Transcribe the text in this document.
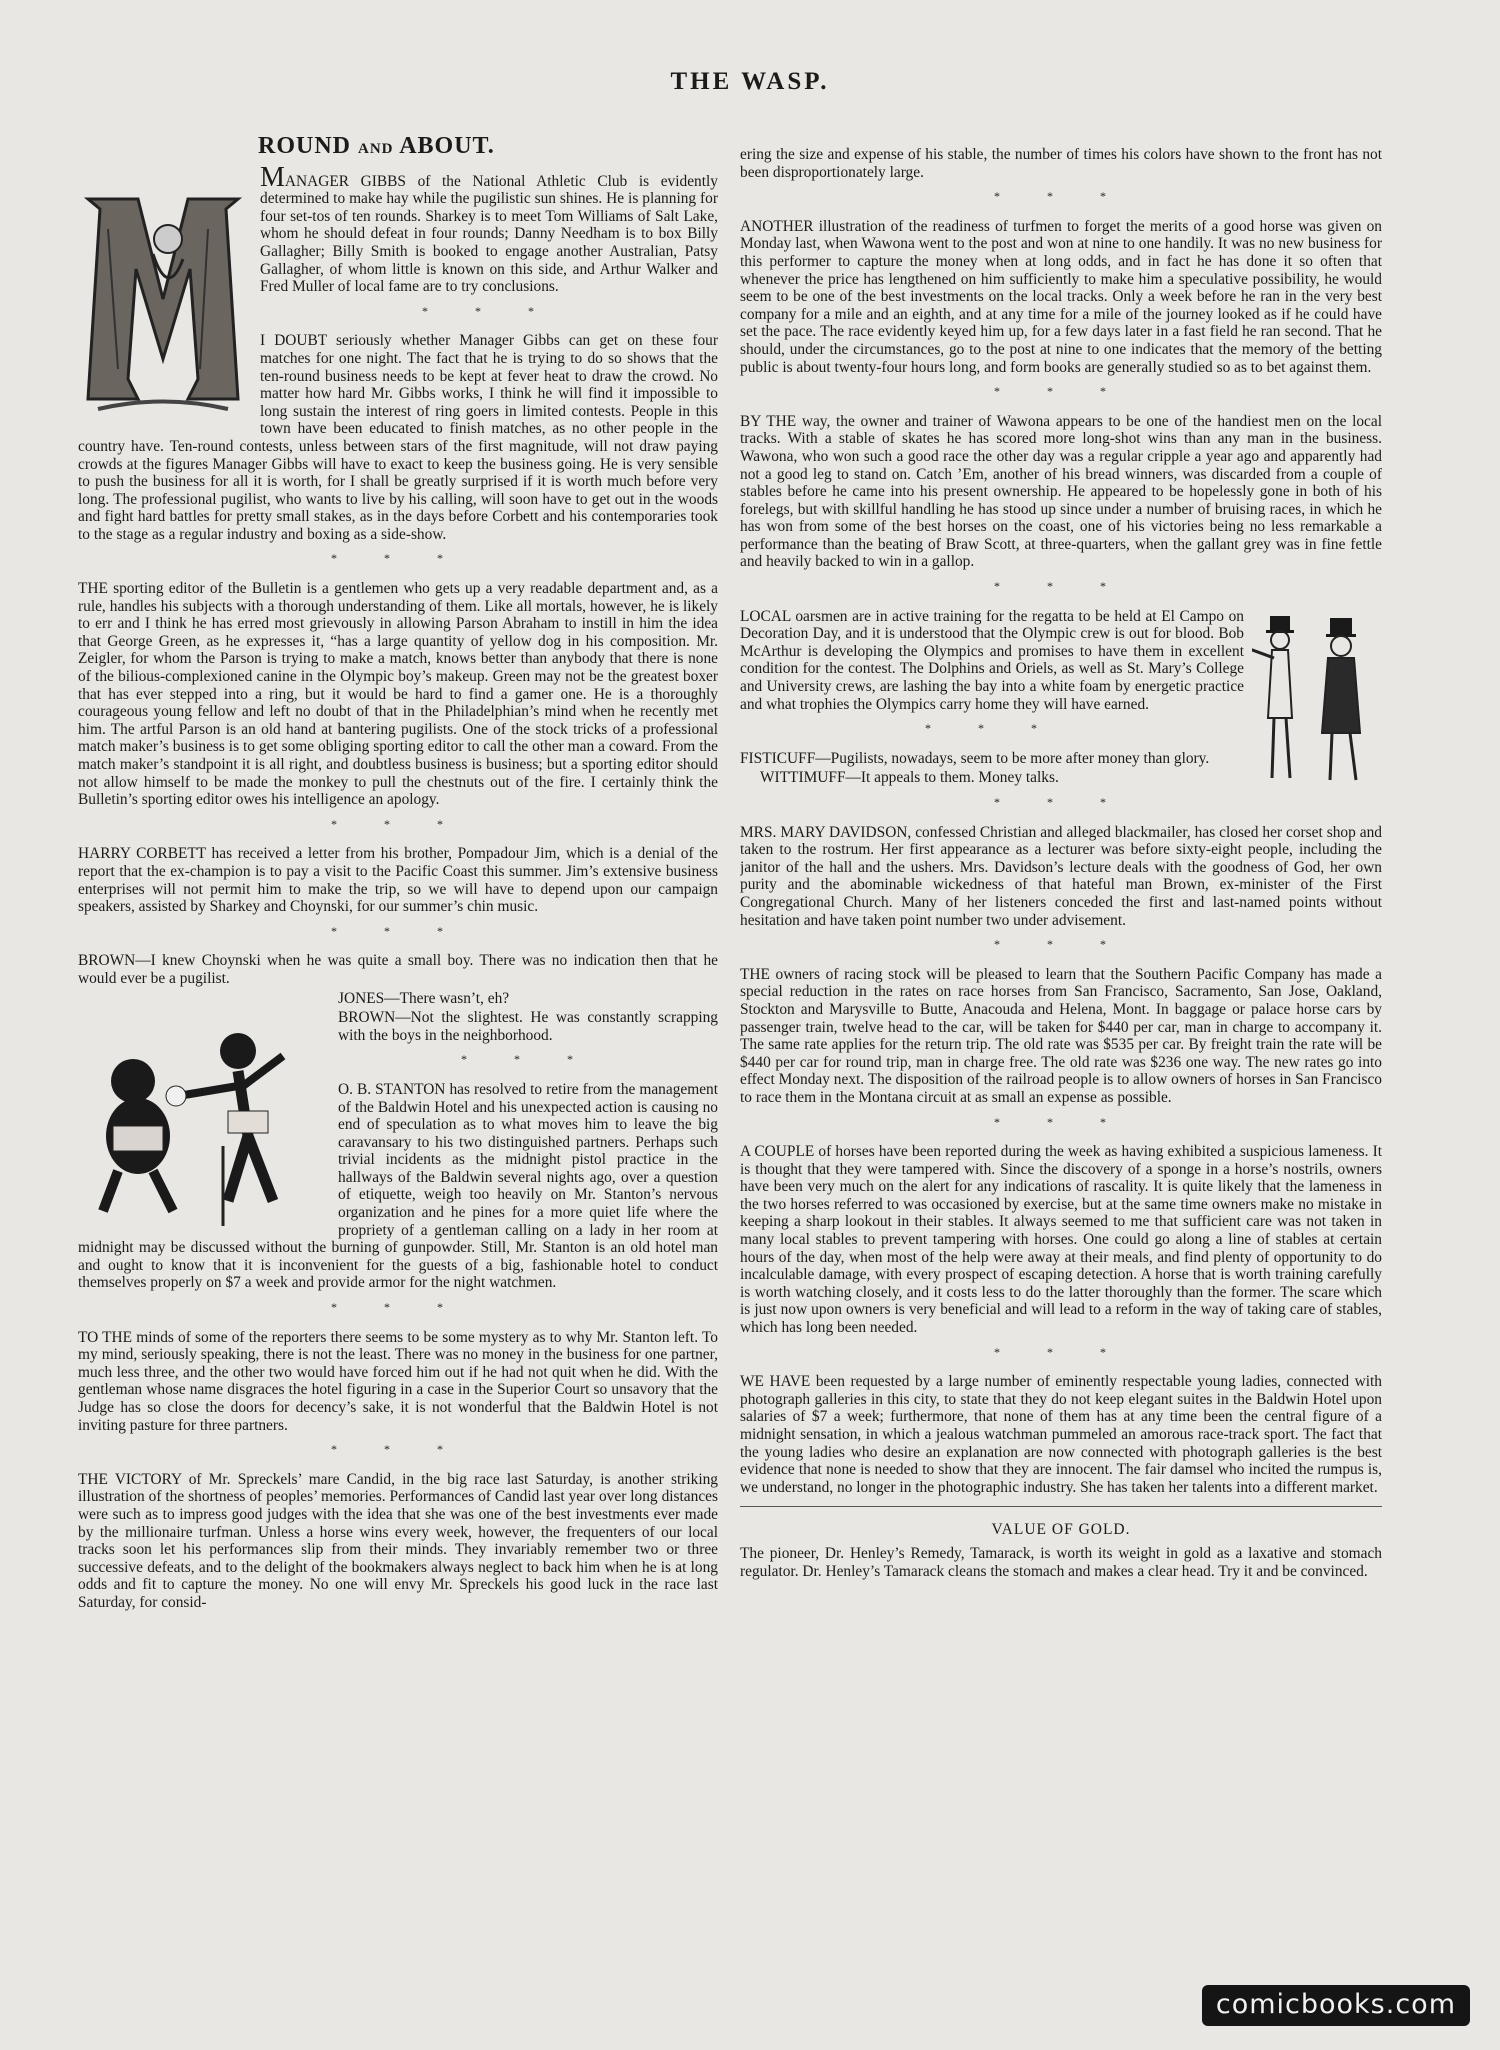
THE WASP.
ROUND AND ABOUT.

MANAGER GIBBS of the National Athletic Club is evidently determined to make hay while the pugilistic sun shines. He is planning for four set-tos of ten rounds. Sharkey is to meet Tom Williams of Salt Lake, whom he should defeat in four rounds; Danny Needham is to box Billy Gallagher; Billy Smith is booked to engage another Australian, Patsy Gallagher, of whom little is known on this side, and Arthur Walker and Fred Muller of local fame are to try conclusions.

* * *

I DOUBT seriously whether Manager Gibbs can get on these four matches for one night. The fact that he is trying to do so shows that the ten-round business needs to be kept at fever heat to draw the crowd. No matter how hard Mr. Gibbs works, I think he will find it impossible to long sustain the interest of ring goers in limited contests. People in this town have been educated to finish matches, as no other people in the country have. Ten-round contests, unless between stars of the first magnitude, will not draw paying crowds at the figures Manager Gibbs will have to exact to keep the business going. He is very sensible to push the business for all it is worth, for I shall be greatly surprised if it is worth much before very long. The professional pugilist, who wants to live by his calling, will soon have to get out in the woods and fight hard battles for pretty small stakes, as in the days before Corbett and his contemporaries took to the stage as a regular industry and boxing as a side-show.

* * *

THE sporting editor of the Bulletin is a gentlemen who gets up a very readable department and, as a rule, handles his subjects with a thorough understanding of them. Like all mortals, however, he is likely to err and I think he has erred most grievously in allowing Parson Abraham to instill in him the idea that George Green, as he expresses it, “has a large quantity of yellow dog in his composition. Mr. Zeigler, for whom the Parson is trying to make a match, knows better than anybody that there is none of the bilious-complexioned canine in the Olympic boy’s makeup. Green may not be the greatest boxer that has ever stepped into a ring, but it would be hard to find a gamer one. He is a thoroughly courageous young fellow and left no doubt of that in the Philadelphian’s mind when he recently met him. The artful Parson is an old hand at bantering pugilists. One of the stock tricks of a professional match maker’s business is to get some obliging sporting editor to call the other man a coward. From the match maker’s standpoint it is all right, and doubtless business is business; but a sporting editor should not allow himself to be made the monkey to pull the chestnuts out of the fire. I certainly think the Bulletin’s sporting editor owes his intelligence an apology.

* * *

HARRY CORBETT has received a letter from his brother, Pompadour Jim, which is a denial of the report that the ex-champion is to pay a visit to the Pacific Coast this summer. Jim’s extensive business enterprises will not permit him to make the trip, so we will have to depend upon our campaign speakers, assisted by Sharkey and Choynski, for our summer’s chin music.

* * *

BROWN—I knew Choynski when he was quite a small boy. There was no indication then that he would ever be a pugilist.

JONES—There wasn’t, eh?

BROWN—Not the slightest. He was constantly scrapping with the boys in the neighborhood.

* * *

O. B. STANTON has resolved to retire from the management of the Baldwin Hotel and his unexpected action is causing no end of speculation as to what moves him to leave the big caravansary to his two distinguished partners. Perhaps such trivial incidents as the midnight pistol practice in the hallways of the Baldwin several nights ago, over a question of etiquette, weigh too heavily on Mr. Stanton’s nervous organization and he pines for a more quiet life where the propriety of a gentleman calling on a lady in her room at midnight may be discussed without the burning of gunpowder. Still, Mr. Stanton is an old hotel man and ought to know that it is inconvenient for the guests of a big, fashionable hotel to conduct themselves properly on $7 a week and provide armor for the night watchmen.

* * *

TO THE minds of some of the reporters there seems to be some mystery as to why Mr. Stanton left. To my mind, seriously speaking, there is not the least. There was no money in the business for one partner, much less three, and the other two would have forced him out if he had not quit when he did. With the gentleman whose name disgraces the hotel figuring in a case in the Superior Court so unsavory that the Judge has so close the doors for decency’s sake, it is not wonderful that the Baldwin Hotel is not inviting pasture for three partners.

* * *

THE VICTORY of Mr. Spreckels’ mare Candid, in the big race last Saturday, is another striking illustration of the shortness of peoples’ memories. Performances of Candid last year over long distances were such as to impress good judges with the idea that she was one of the best investments ever made by the millionaire turfman. Unless a horse wins every week, however, the frequenters of our local tracks soon let his performances slip from their minds. They invariably remember two or three successive defeats, and to the delight of the bookmakers always neglect to back him when he is at long odds and fit to capture the money. No one will envy Mr. Spreckels his good luck in the race last Saturday, for consid-

ering the size and expense of his stable, the number of times his colors have shown to the front has not been disproportionately large.

* * *

ANOTHER illustration of the readiness of turfmen to forget the merits of a good horse was given on Monday last, when Wawona went to the post and won at nine to one handily. It was no new business for this performer to capture the money when at long odds, and in fact he has done it so often that whenever the price has lengthened on him sufficiently to make him a speculative possibility, he would seem to be one of the best investments on the local tracks. Only a week before he ran in the very best company for a mile and an eighth, and at any time for a mile of the journey looked as if he could have set the pace. The race evidently keyed him up, for a few days later in a fast field he ran second. That he should, under the circumstances, go to the post at nine to one indicates that the memory of the betting public is about twenty-four hours long, and form books are generally studied so as to bet against them.

* * *

BY THE way, the owner and trainer of Wawona appears to be one of the handiest men on the local tracks. With a stable of skates he has scored more long-shot wins than any man in the business. Wawona, who won such a good race the other day was a regular cripple a year ago and apparently had not a good leg to stand on. Catch ’Em, another of his bread winners, was discarded from a couple of stables before he came into his present ownership. He appeared to be hopelessly gone in both of his forelegs, but with skillful handling he has stood up since under a number of bruising races, in which he has won from some of the best horses on the coast, one of his victories being no less remarkable a performance than the beating of Braw Scott, at three-quarters, when the gallant grey was in fine fettle and heavily backed to win in a gallop.

* * *

LOCAL oarsmen are in active training for the regatta to be held at El Campo on Decoration Day, and it is understood that the Olympic crew is out for blood. Bob McArthur is developing the Olympics and promises to have them in excellent condition for the contest. The Dolphins and Oriels, as well as St. Mary’s College and University crews, are lashing the bay into a white foam by energetic practice and what trophies the Olympics carry home they will have earned.

* * *

FISTICUFF—Pugilists, nowadays, seem to be more after money than glory.

WITTIMUFF—It appeals to them. Money talks.

* * *

MRS. MARY DAVIDSON, confessed Christian and alleged blackmailer, has closed her corset shop and taken to the rostrum. Her first appearance as a lecturer was before sixty-eight people, including the janitor of the hall and the ushers. Mrs. Davidson’s lecture deals with the goodness of God, her own purity and the abominable wickedness of that hateful man Brown, ex-minister of the First Congregational Church. Many of her listeners conceded the first and last-named points without hesitation and have taken point number two under advisement.

* * *

THE owners of racing stock will be pleased to learn that the Southern Pacific Company has made a special reduction in the rates on race horses from San Francisco, Sacramento, San Jose, Oakland, Stockton and Marysville to Butte, Anacouda and Helena, Mont. In baggage or palace horse cars by passenger train, twelve head to the car, will be taken for $440 per car, man in charge to accompany it. The same rate applies for the return trip. The old rate was $535 per car. By freight train the rate will be $440 per car for round trip, man in charge free. The old rate was $236 one way. The new rates go into effect Monday next. The disposition of the railroad people is to allow owners of horses in San Francisco to race them in the Montana circuit at as small an expense as possible.

* * *

A COUPLE of horses have been reported during the week as having exhibited a suspicious lameness. It is thought that they were tampered with. Since the discovery of a sponge in a horse’s nostrils, owners have been very much on the alert for any indications of rascality. It is quite likely that the lameness in the two horses referred to was occasioned by exercise, but at the same time owners make no mistake in keeping a sharp lookout in their stables. It always seemed to me that sufficient care was not taken in many local stables to prevent tampering with horses. One could go along a line of stables at certain hours of the day, when most of the help were away at their meals, and find plenty of opportunity to do incalculable damage, with every prospect of escaping detection. A horse that is worth training carefully is worth watching closely, and it costs less to do the latter thoroughly than the former. The scare which is just now upon owners is very beneficial and will lead to a reform in the way of taking care of stables, which has long been needed.

* * *

WE HAVE been requested by a large number of eminently respectable young ladies, connected with photograph galleries in this city, to state that they do not keep elegant suites in the Baldwin Hotel upon salaries of $7 a week; furthermore, that none of them has at any time been the central figure of a midnight sensation, in which a jealous watchman pummeled an amorous race-track sport. The fact that the young ladies who desire an explanation are now connected with photograph galleries is the best evidence that none is needed to show that they are innocent. The fair damsel who incited the rumpus is, we understand, no longer in the photographic industry. She has taken her talents into a different market.

VALUE OF GOLD.

The pioneer, Dr. Henley’s Remedy, Tamarack, is worth its weight in gold as a laxative and stomach regulator. Dr. Henley’s Tamarack cleans the stomach and makes a clear head. Try it and be convinced.

comicbooks.com
